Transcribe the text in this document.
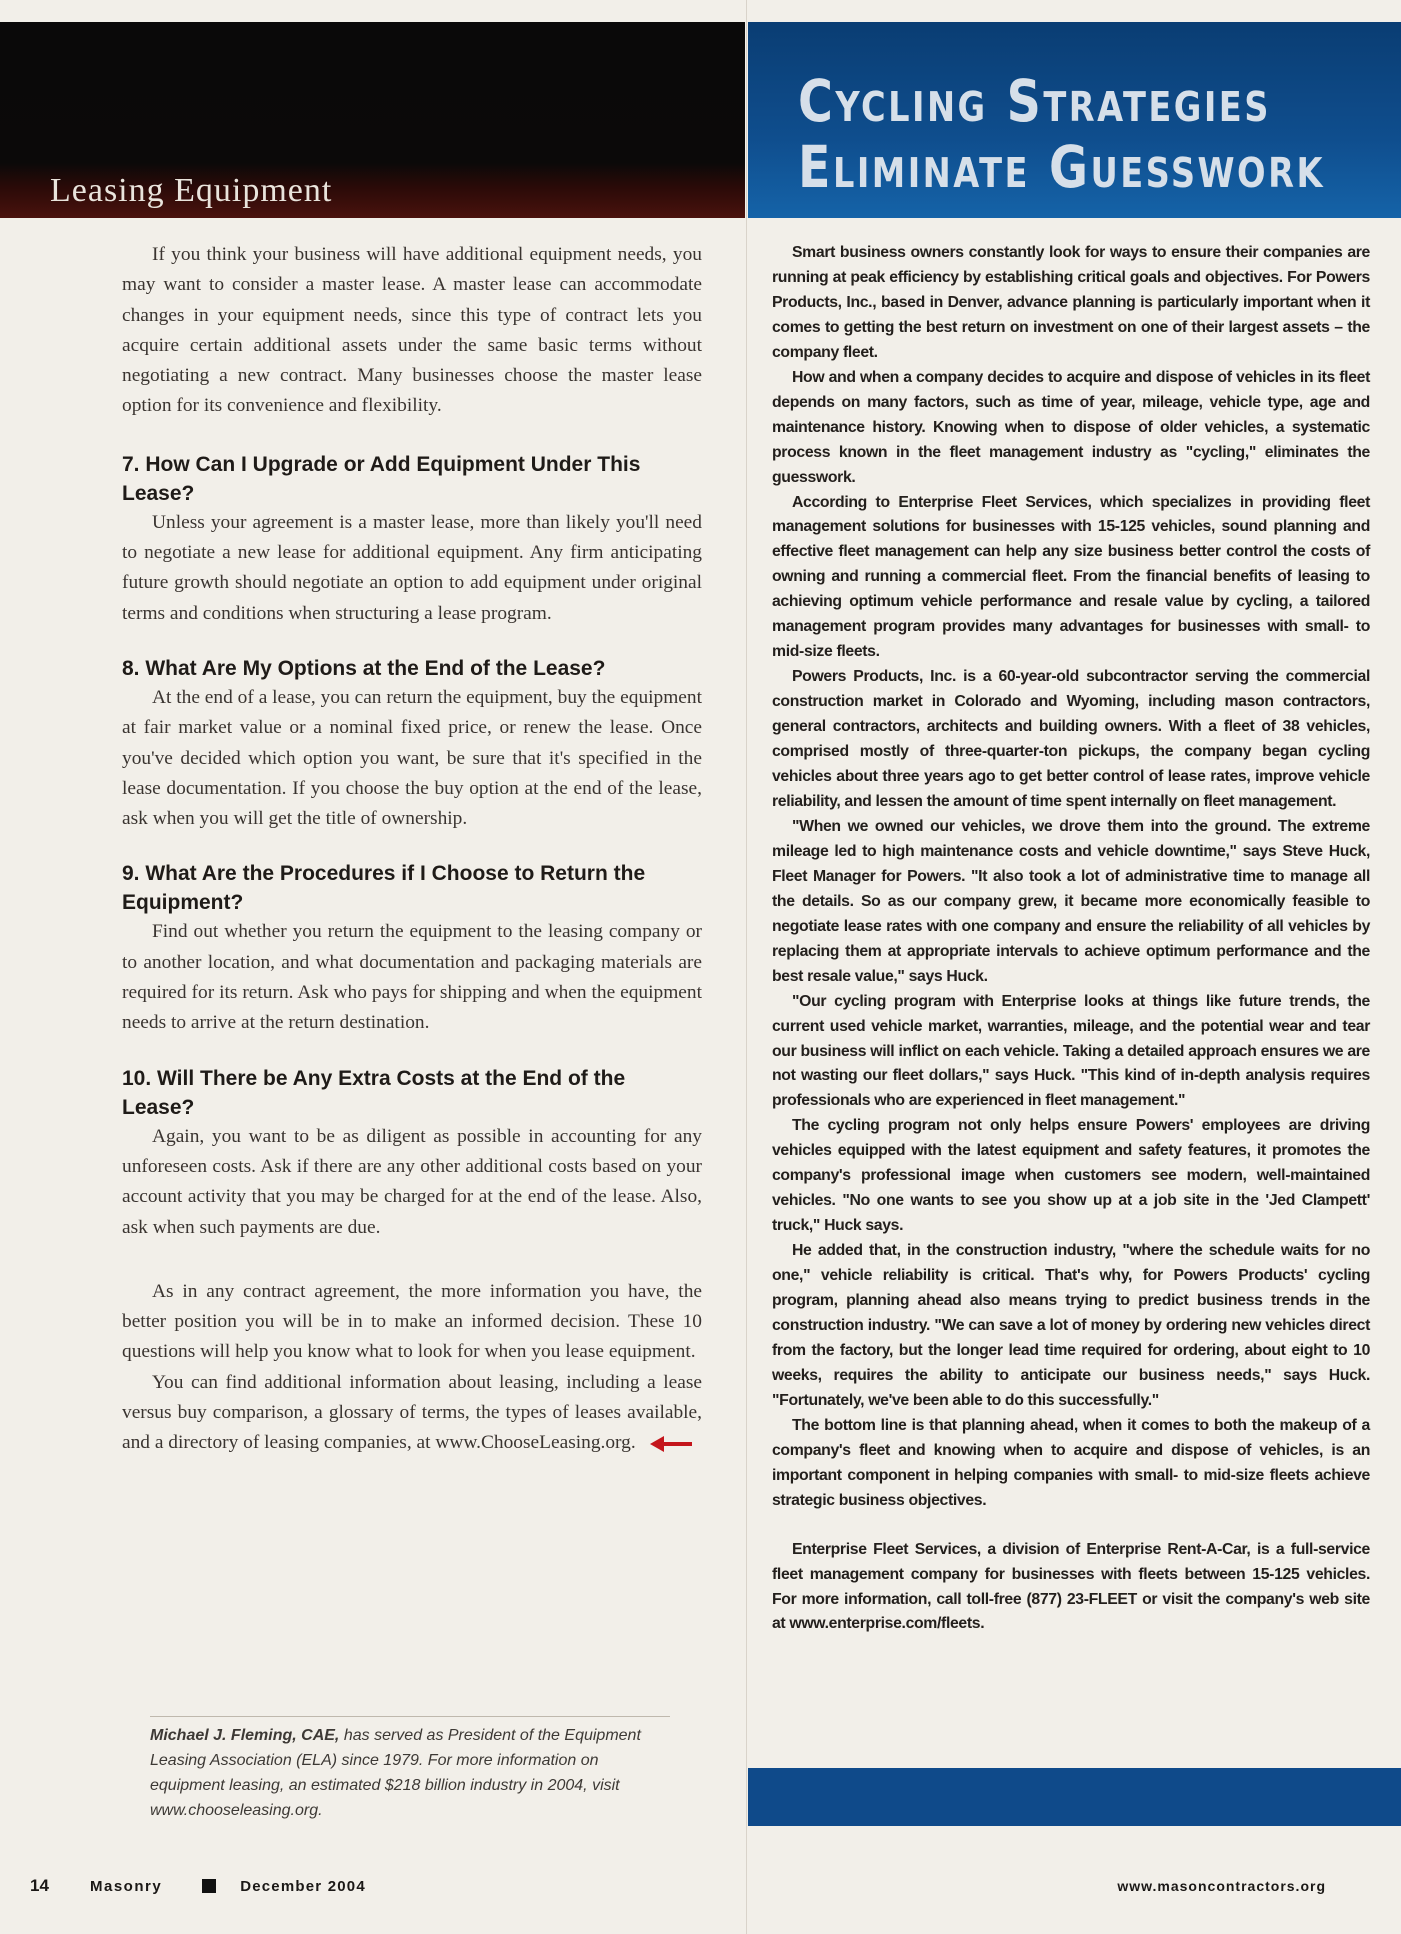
Leasing Equipment

If you think your business will have additional equipment needs, you may want to consider a master lease. A master lease can accommodate changes in your equipment needs, since this type of contract lets you acquire certain additional assets under the same basic terms without negotiating a new contract. Many businesses choose the master lease option for its convenience and flexibility.

7. How Can I Upgrade or Add Equipment Under This Lease?

Unless your agreement is a master lease, more than likely you'll need to negotiate a new lease for additional equipment. Any firm anticipating future growth should negotiate an option to add equipment under original terms and conditions when structuring a lease program.

8. What Are My Options at the End of the Lease?

At the end of a lease, you can return the equipment, buy the equipment at fair market value or a nominal fixed price, or renew the lease. Once you've decided which option you want, be sure that it's specified in the lease documentation. If you choose the buy option at the end of the lease, ask when you will get the title of ownership.

9. What Are the Procedures if I Choose to Return the Equipment?

Find out whether you return the equipment to the leasing company or to another location, and what documentation and packaging materials are required for its return. Ask who pays for shipping and when the equipment needs to arrive at the return destination.

10. Will There be Any Extra Costs at the End of the Lease?

Again, you want to be as diligent as possible in accounting for any unforeseen costs. Ask if there are any other additional costs based on your account activity that you may be charged for at the end of the lease. Also, ask when such payments are due.

As in any contract agreement, the more information you have, the better position you will be in to make an informed decision. These 10 questions will help you know what to look for when you lease equipment.

You can find additional information about leasing, including a lease versus buy comparison, a glossary of terms, the types of leases available, and a directory of leasing companies, at www.ChooseLeasing.org.

Michael J. Fleming, CAE, has served as President of the Equipment Leasing Association (ELA) since 1979. For more information on equipment leasing, an estimated $218 billion industry in 2004, visit www.chooseleasing.org.
Cycling Strategies
Eliminate Guesswork

Smart business owners constantly look for ways to ensure their companies are running at peak efficiency by establishing critical goals and objectives. For Powers Products, Inc., based in Denver, advance planning is particularly important when it comes to getting the best return on investment on one of their largest assets – the company fleet.

How and when a company decides to acquire and dispose of vehicles in its fleet depends on many factors, such as time of year, mileage, vehicle type, age and maintenance history. Knowing when to dispose of older vehicles, a systematic process known in the fleet management industry as "cycling," eliminates the guesswork.

According to Enterprise Fleet Services, which specializes in providing fleet management solutions for businesses with 15-125 vehicles, sound planning and effective fleet management can help any size business better control the costs of owning and running a commercial fleet. From the financial benefits of leasing to achieving optimum vehicle performance and resale value by cycling, a tailored management program provides many advantages for businesses with small- to mid-size fleets.

Powers Products, Inc. is a 60-year-old subcontractor serving the commercial construction market in Colorado and Wyoming, including mason contractors, general contractors, architects and building owners. With a fleet of 38 vehicles, comprised mostly of three-quarter-ton pickups, the company began cycling vehicles about three years ago to get better control of lease rates, improve vehicle reliability, and lessen the amount of time spent internally on fleet management.

"When we owned our vehicles, we drove them into the ground. The extreme mileage led to high maintenance costs and vehicle downtime," says Steve Huck, Fleet Manager for Powers. "It also took a lot of administrative time to manage all the details. So as our company grew, it became more economically feasible to negotiate lease rates with one company and ensure the reliability of all vehicles by replacing them at appropriate intervals to achieve optimum performance and the best resale value," says Huck.

"Our cycling program with Enterprise looks at things like future trends, the current used vehicle market, warranties, mileage, and the potential wear and tear our business will inflict on each vehicle. Taking a detailed approach ensures we are not wasting our fleet dollars," says Huck. "This kind of in-depth analysis requires professionals who are experienced in fleet management."

The cycling program not only helps ensure Powers' employees are driving vehicles equipped with the latest equipment and safety features, it promotes the company's professional image when customers see modern, well-maintained vehicles. "No one wants to see you show up at a job site in the 'Jed Clampett' truck," Huck says.

He added that, in the construction industry, "where the schedule waits for no one," vehicle reliability is critical. That's why, for Powers Products' cycling program, planning ahead also means trying to predict business trends in the construction industry. "We can save a lot of money by ordering new vehicles direct from the factory, but the longer lead time required for ordering, about eight to 10 weeks, requires the ability to anticipate our business needs," says Huck. "Fortunately, we've been able to do this successfully."

The bottom line is that planning ahead, when it comes to both the makeup of a company's fleet and knowing when to acquire and dispose of vehicles, is an important component in helping companies with small- to mid-size fleets achieve strategic business objectives.

Enterprise Fleet Services, a division of Enterprise Rent-A-Car, is a full-service fleet management company for businesses with fleets between 15-125 vehicles. For more information, call toll-free (877) 23-FLEET or visit the company's web site at www.enterprise.com/fleets.

14	Masonry	December 2004	www.masoncontractors.org
